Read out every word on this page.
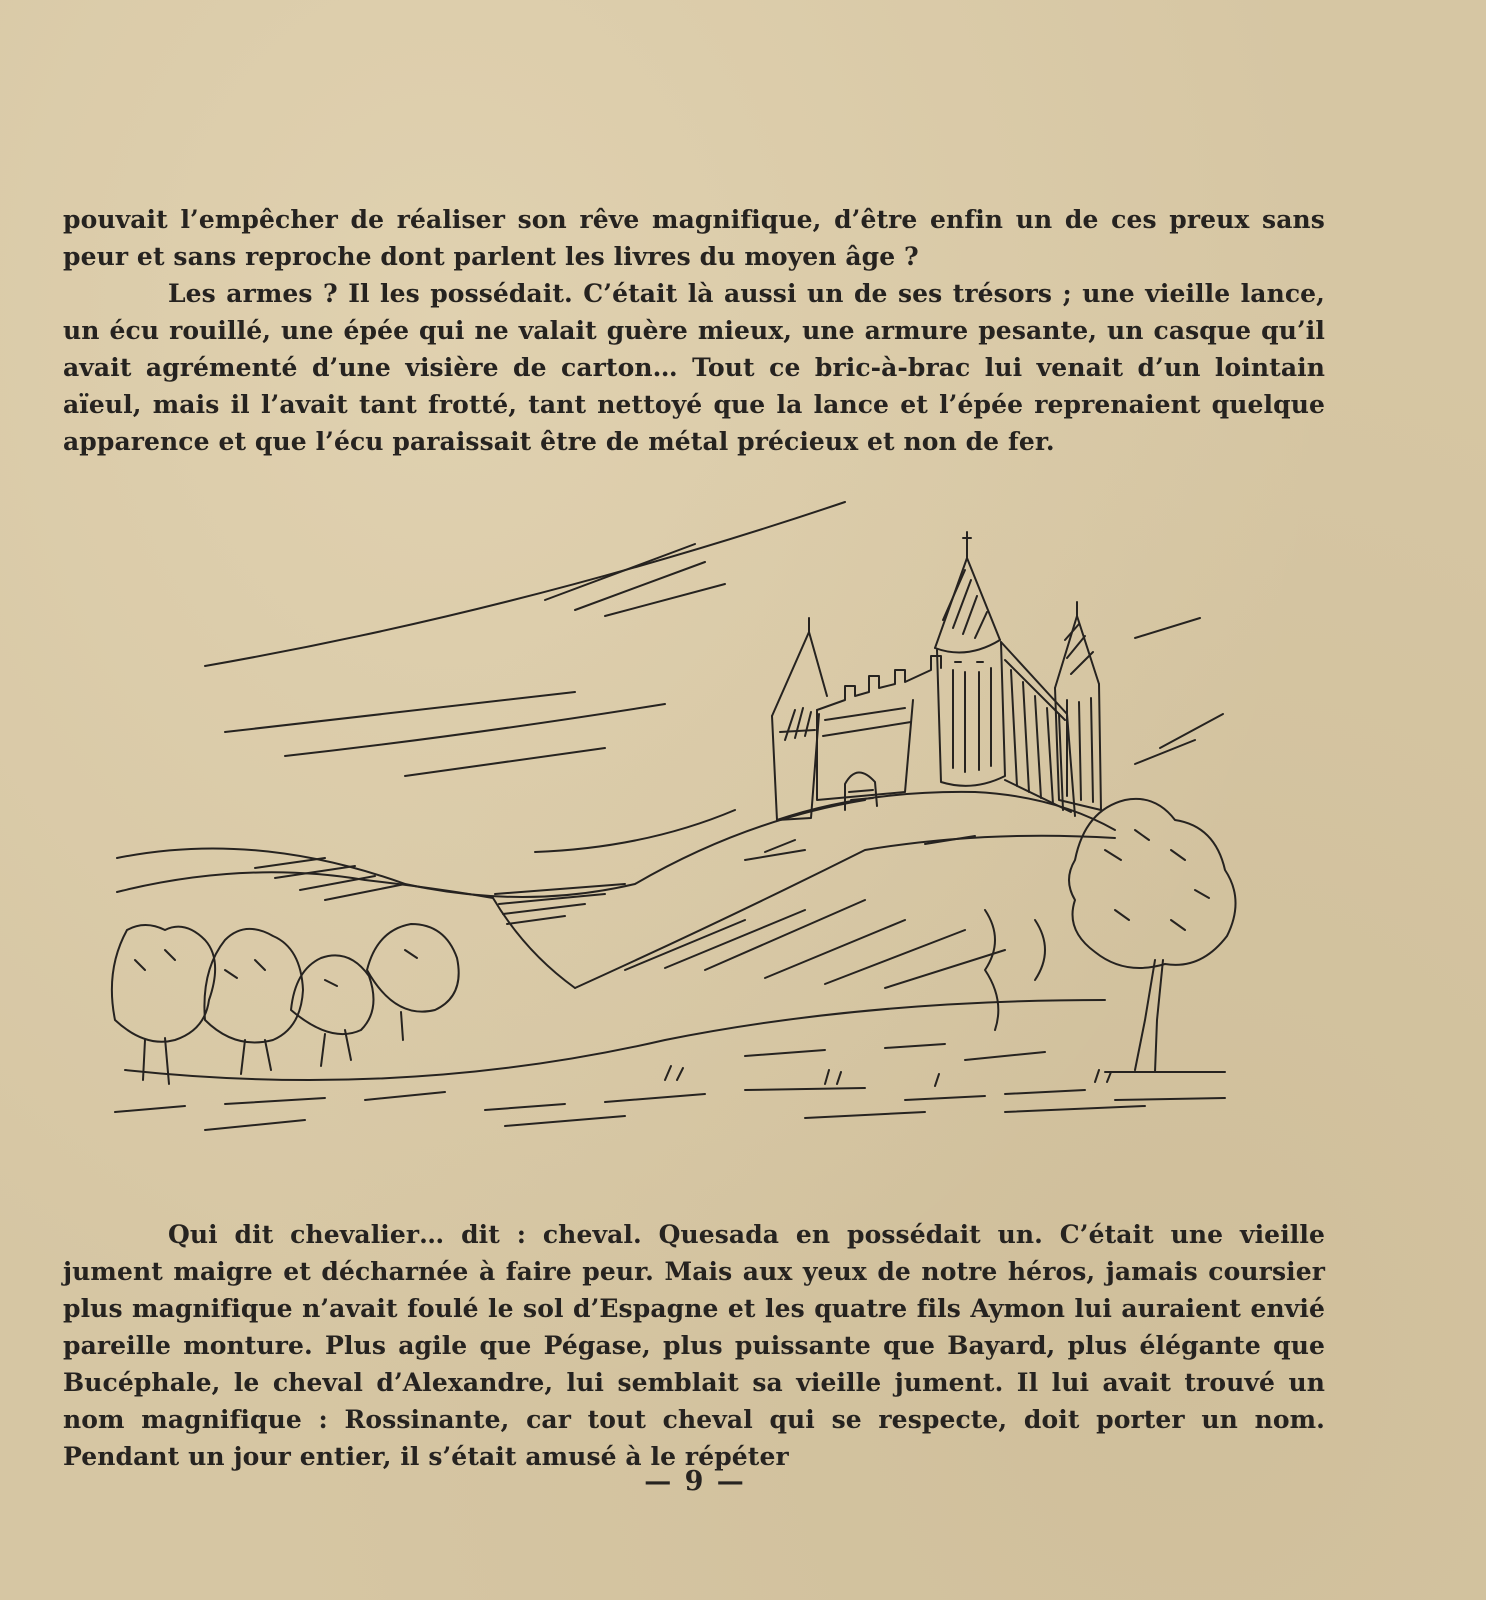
pouvait l’empêcher de réaliser son rêve magnifique, d’être enfin un de ces preux sans peur et sans reproche dont parlent les livres du moyen âge ?

Les armes ? Il les possédait. C’était là aussi un de ses trésors ; une vieille lance, un écu rouillé, une épée qui ne valait guère mieux, une armure pesante, un casque qu’il avait agrémenté d’une visière de carton… Tout ce bric-à-brac lui venait d’un lointain aïeul, mais il l’avait tant frotté, tant nettoyé que la lance et l’épée reprenaient quelque apparence et que l’écu paraissait être de métal précieux et non de fer.

Qui dit chevalier… dit : cheval. Quesada en possédait un. C’était une vieille jument maigre et décharnée à faire peur. Mais aux yeux de notre héros, jamais coursier plus magnifique n’avait foulé le sol d’Espagne et les quatre fils Aymon lui auraient envié pareille monture. Plus agile que Pégase, plus puissante que Bayard, plus élégante que Bucéphale, le cheval d’Alexandre, lui semblait sa vieille jument. Il lui avait trouvé un nom magnifique : Rossinante, car tout cheval qui se respecte, doit porter un nom. Pendant un jour entier, il s’était amusé à le répéter

— 9 —
